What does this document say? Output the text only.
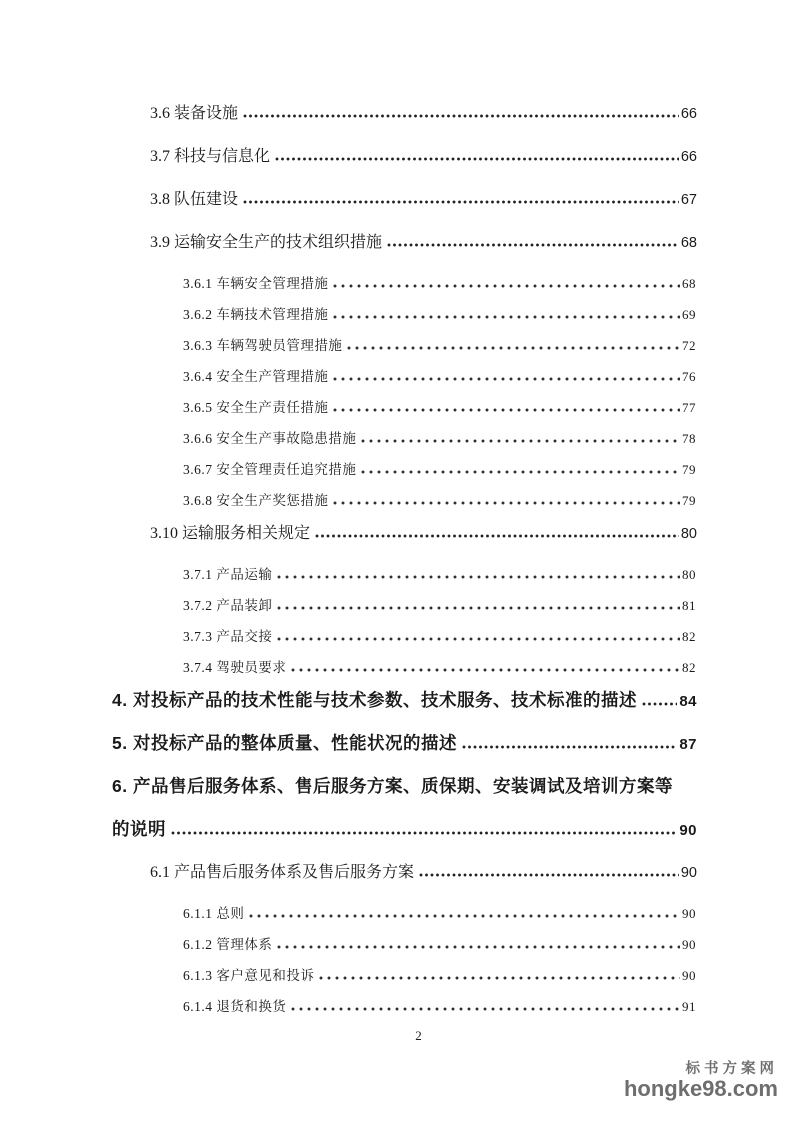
3.6 装备设施	66
3.7 科技与信息化	66
3.8 队伍建设	67
3.9 运输安全生产的技术组织措施	68
3.6.1 车辆安全管理措施	68
3.6.2 车辆技术管理措施	69
3.6.3 车辆驾驶员管理措施	72
3.6.4 安全生产管理措施	76
3.6.5 安全生产责任措施	77
3.6.6 安全生产事故隐患措施	78
3.6.7 安全管理责任追究措施	79
3.6.8 安全生产奖惩措施	79
3.10 运输服务相关规定	80
3.7.1 产品运输	80
3.7.2 产品装卸	81
3.7.3 产品交接	82
3.7.4 驾驶员要求	82
4. 对投标产品的技术性能与技术参数、技术服务、技术标准的描述	84
5. 对投标产品的整体质量、性能状况的描述	87
6. 产品售后服务体系、售后服务方案、质保期、安装调试及培训方案等
的说明	90
6.1 产品售后服务体系及售后服务方案	90
6.1.1 总则	90
6.1.2 管理体系	90
6.1.3 客户意见和投诉	90
6.1.4 退货和换货	91
2
标书方案网
hongke98.com
